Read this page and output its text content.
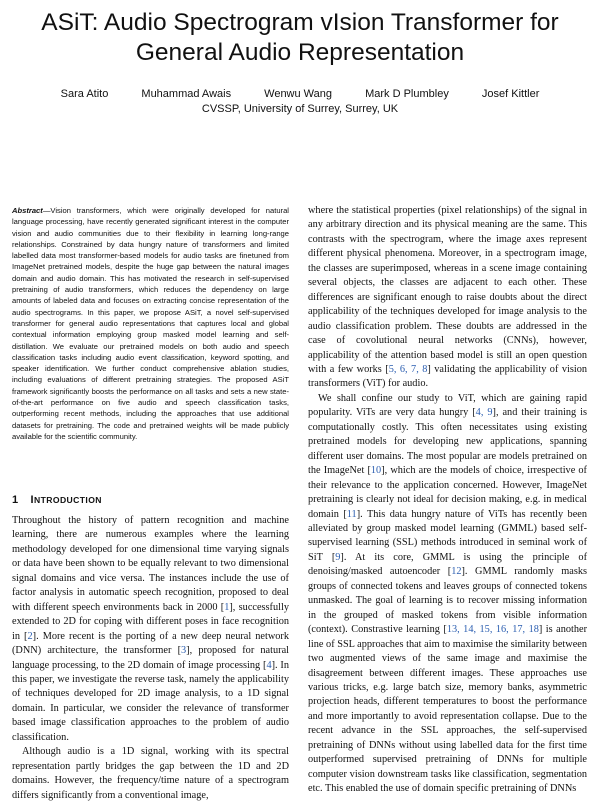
ASiT: Audio Spectrogram vIsion Transformer for
General Audio Representation
Sara Atito	Muhammad Awais	Wenwu Wang	Mark D Plumbley	Josef Kittler
CVSSP, University of Surrey, Surrey, UK
Abstract—Vision transformers, which were originally developed for natural language processing, have recently generated significant interest in the computer vision and audio communities due to their flexibility in learning long-range relationships. Constrained by data hungry nature of transformers and limited labelled data most transformer-based models for audio tasks are finetuned from ImageNet pretrained models, despite the huge gap between the natural images domain and audio domain. This has motivated the research in self-supervised pretraining of audio transformers, which reduces the dependency on large amounts of labeled data and focuses on extracting concise representation of the audio spectrograms. In this paper, we propose ASiT, a novel self-supervised transformer for general audio representations that captures local and global contextual information employing group masked model learning and self-distillation. We evaluate our pretrained models on both audio and speech classification tasks including audio event classification, keyword spotting, and speaker identification. We further conduct comprehensive ablation studies, including evaluations of different pretraining strategies. The proposed ASiT framework significantly boosts the performance on all tasks and sets a new state-of-the-art performance on five audio and speech classification tasks, outperforming recent methods, including the approaches that use additional datasets for pretraining. The code and pretrained weights will be made publicly available for the scientific community.
1 INTRODUCTION

Throughout the history of pattern recognition and machine learning, there are numerous examples where the learning methodology developed for one dimensional time varying signals or data have been shown to be equally relevant to two dimensional signal domains and vice versa. The instances include the use of factor analysis in automatic speech recognition, proposed to deal with different speech environments back in 2000 [1], successfully extended to 2D for coping with different poses in face recognition in [2]. More recent is the porting of a new deep neural network (DNN) architecture, the transformer [3], proposed for natural language processing, to the 2D domain of image processing [4]. In this paper, we investigate the reverse task, namely the applicability of techniques developed for 2D image analysis, to a 1D signal domain. In particular, we consider the relevance of transformer based image classification approaches to the problem of audio classification.

Although audio is a 1D signal, working with its spectral representation partly bridges the gap between the 1D and 2D domains. However, the frequency/time nature of a spectrogram differs significantly from a conventional image,

where the statistical properties (pixel relationships) of the signal in any arbitrary direction and its physical meaning are the same. This contrasts with the spectrogram, where the image axes represent different physical phenomena. Moreover, in a spectrogram image, the classes are superimposed, whereas in a scene image containing several objects, the classes are adjacent to each other. These differences are significant enough to raise doubts about the direct applicability of the techniques developed for image analysis to the audio classification problem. These doubts are addressed in the case of covolutional neural networks (CNNs), however, applicability of the attention based model is still an open question with a few works [5, 6, 7, 8] validating the applicability of vision transformers (ViT) for audio.

We shall confine our study to ViT, which are gaining rapid popularity. ViTs are very data hungry [4, 9], and their training is computationally costly. This often necessitates using existing pretrained models for developing new applications, spanning different user domains. The most popular are models pretrained on the ImageNet [10], which are the models of choice, irrespective of their relevance to the application concerned. However, ImageNet pretraining is clearly not ideal for decision making, e.g. in medical domain [11]. This data hungry nature of ViTs has recently been alleviated by group masked model learning (GMML) based self-supervised learning (SSL) methods introduced in seminal work of SiT [9]. At its core, GMML is using the principle of denoising/masked autoencoder [12]. GMML randomly masks groups of connected tokens and leaves groups of connected tokens unmasked. The goal of learning is to recover missing information in the grouped of masked tokens from visible information (context). Constrastive learning [13, 14, 15, 16, 17, 18] is another line of SSL approaches that aim to maximise the similarity between two augmented views of the same image and maximise the disagreement between different images. These approaches use various tricks, e.g. large batch size, memory banks, asymmetric projection heads, different temperatures to boost the performance and more importantly to avoid representation collapse. Due to the recent advance in the SSL approaches, the self-supervised pretraining of DNNs without using labelled data for the first time outperformed supervised pretraining of DNNs for multiple computer vision downstream tasks like classification, segmentation etc. This enabled the use of domain specific pretraining of DNNs
